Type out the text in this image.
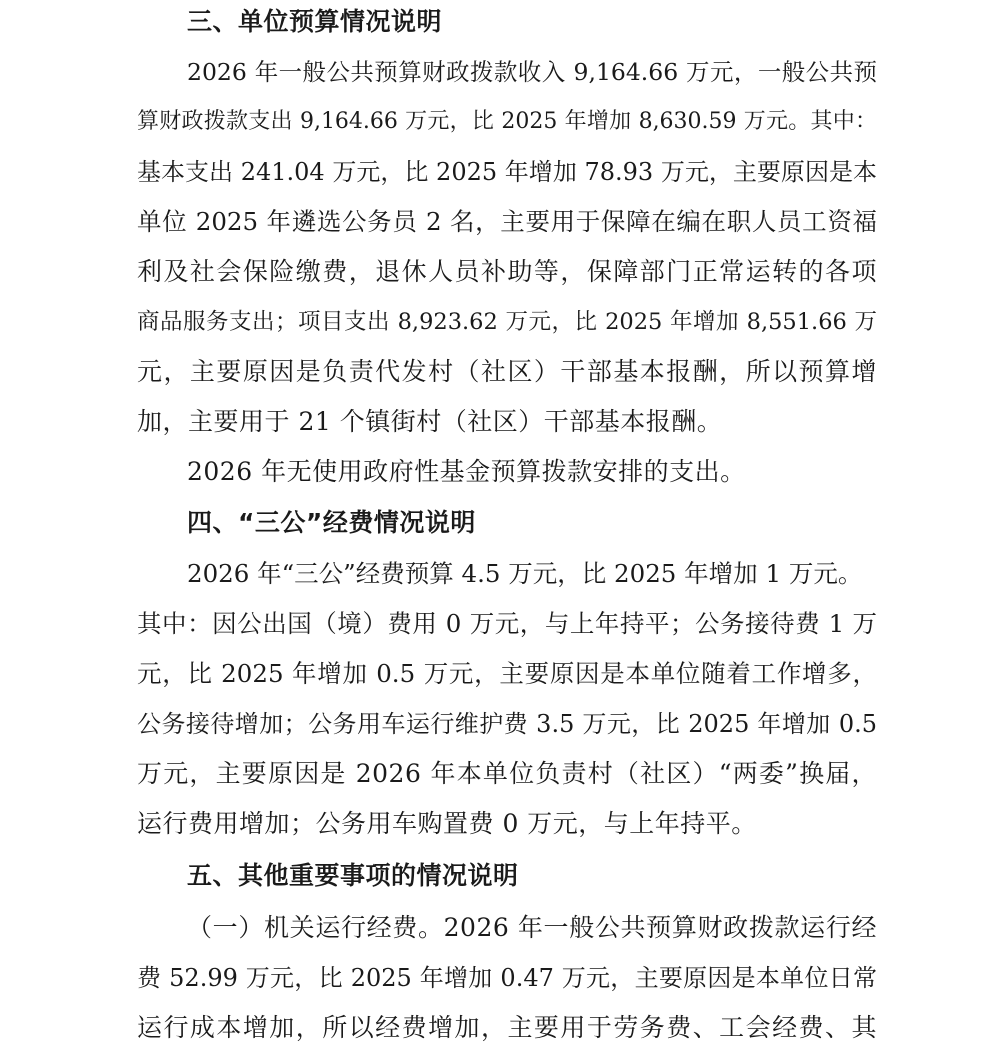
三、单位预算情况说明
2026 年一般公共预算财政拨款收入 9,164.66 万元，一般公共预
算财政拨款支出 9,164.66 万元，比 2025 年增加 8,630.59 万元。其中：
基本支出 241.04 万元，比 2025 年增加 78.93 万元，主要原因是本
单位 2025 年遴选公务员 2 名，主要用于保障在编在职人员工资福
利及社会保险缴费，退休人员补助等，保障部门正常运转的各项
商品服务支出；项目支出 8,923.62 万元，比 2025 年增加 8,551.66 万
元，主要原因是负责代发村（社区）干部基本报酬，所以预算增
加，主要用于 21 个镇街村（社区）干部基本报酬。
2026 年无使用政府性基金预算拨款安排的支出。
四、“三公”经费情况说明
2026 年“三公”经费预算 4.5 万元，比 2025 年增加 1 万元。
其中：因公出国（境）费用 0 万元，与上年持平；公务接待费 1 万
元，比 2025 年增加 0.5 万元，主要原因是本单位随着工作增多，
公务接待增加；公务用车运行维护费 3.5 万元，比 2025 年增加 0.5
万元，主要原因是 2026 年本单位负责村（社区）“两委”换届，
运行费用增加；公务用车购置费 0 万元，与上年持平。
五、其他重要事项的情况说明
（一）机关运行经费。2026 年一般公共预算财政拨款运行经
费 52.99 万元，比 2025 年增加 0.47 万元，主要原因是本单位日常
运行成本增加，所以经费增加，主要用于劳务费、工会经费、其
